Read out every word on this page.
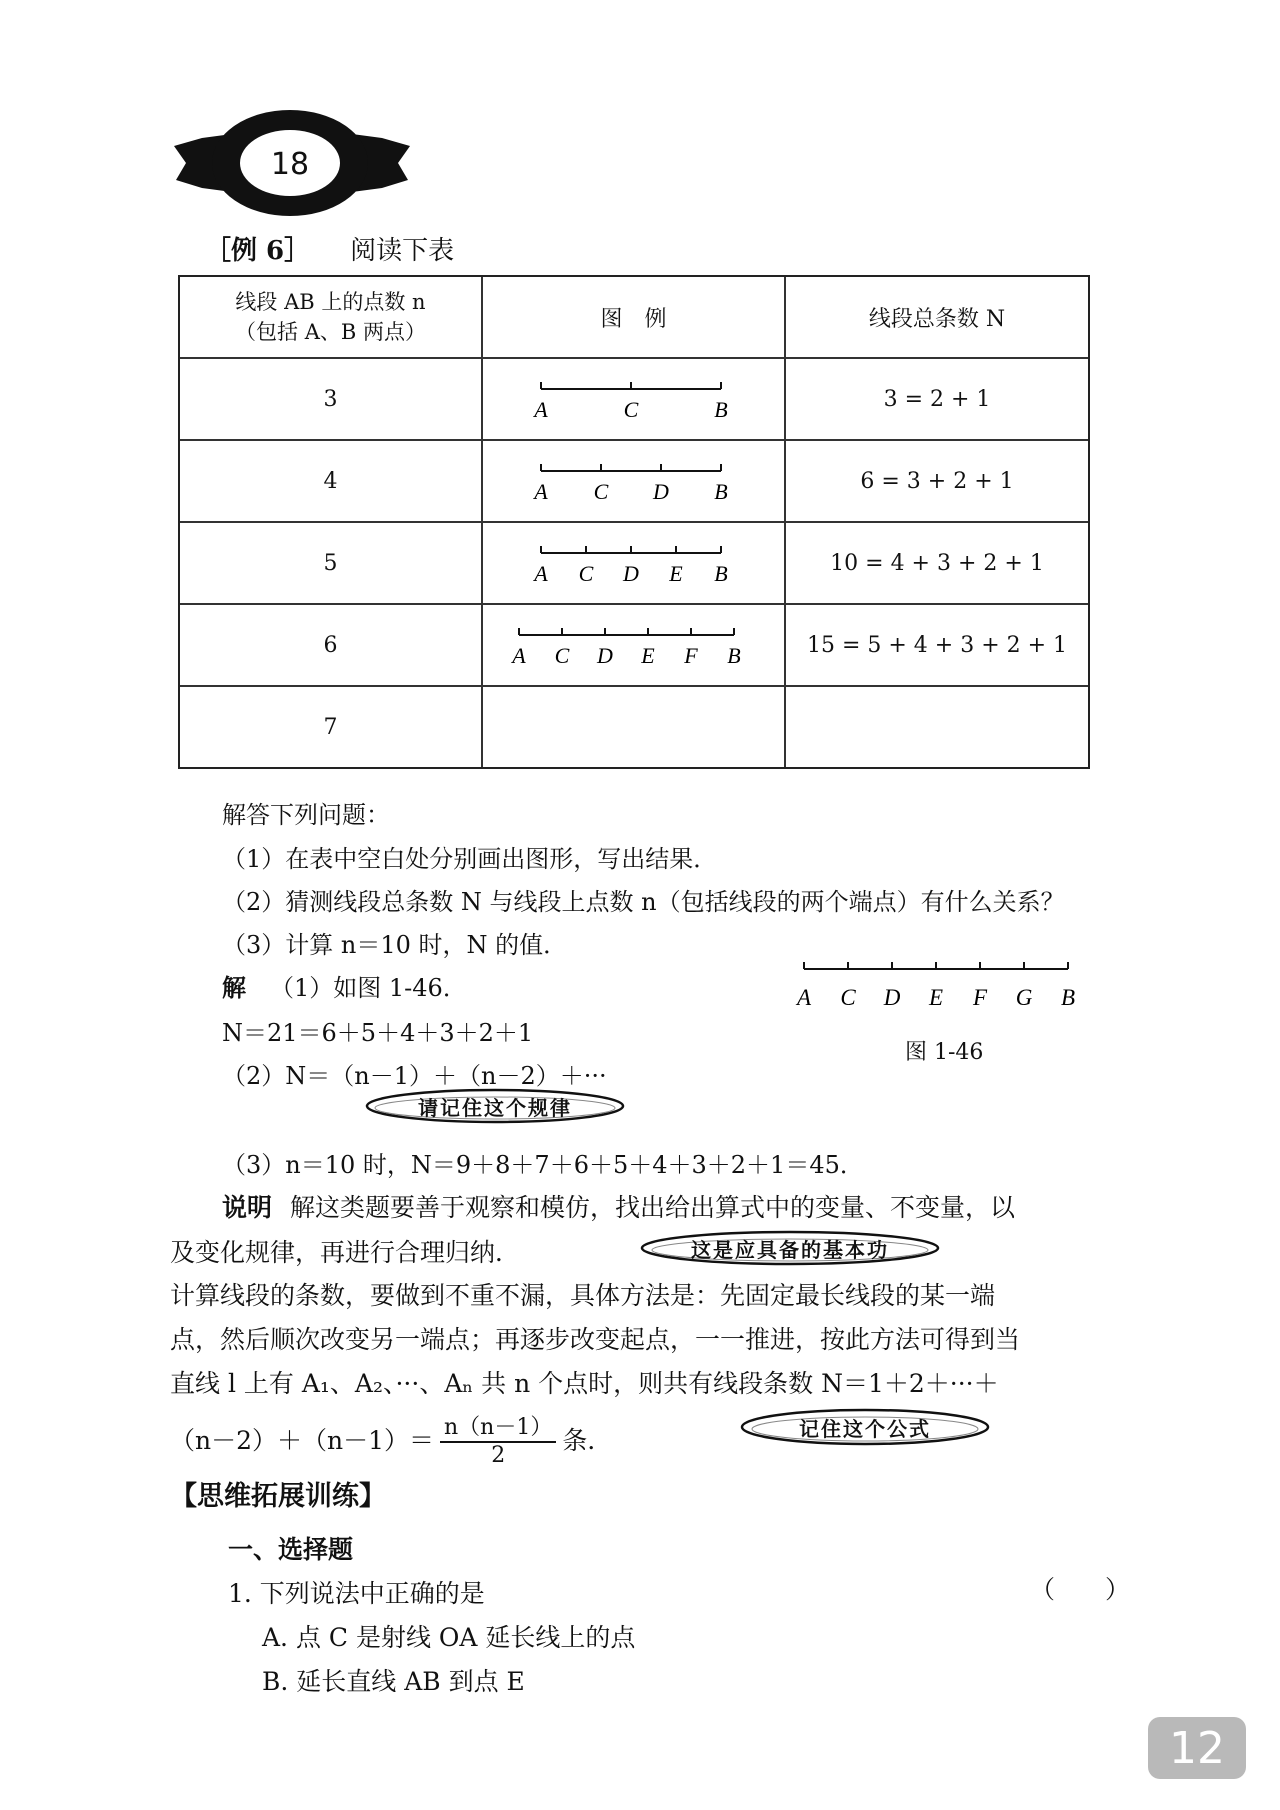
18
［例 6］ 阅读下表
线段 AB 上的点数 n
（包括 A、B 两点）
图　例	线段总条数 N
3	A	C	B	3 = 2 + 1
4	A C D B	6 = 3 + 2 + 1
5	A C D E B	10 = 4 + 3 + 2 + 1
6	A C D E F B	15 = 5 + 4 + 3 + 2 + 1
7
解答下列问题：
（1）在表中空白处分别画出图形，写出结果．
（2）猜测线段总条数 N 与线段上点数 n（包括线段的两个端点）有什么关系？
（3）计算 n＝10 时，N 的值．
解 （1）如图 1-46．
N＝21＝6＋5＋4＋3＋2＋1
（2）N＝（n－1）＋（n－2）＋···
请记住这个规律
（3）n＝10 时，N＝9＋8＋7＋6＋5＋4＋3＋2＋1＝45．
A C D E F G B
图 1-46
说明 解这类题要善于观察和模仿，找出给出算式中的变量、不变量，以
及变化规律，再进行合理归纳．	这是应具备的基本功
计算线段的条数，要做到不重不漏，具体方法是：先固定最长线段的某一端
点，然后顺次改变另一端点；再逐步改变起点，一一推进，按此方法可得到当
直线 l 上有 A₁、A₂、···、Aₙ 共 n 个点时，则共有线段条数 N＝1＋2＋···＋
$(n-2)+(n-1)= \frac{n(n-1)}{2}$ 条．	记住这个公式
【思维拓展训练】
一、选择题
1. 下列说法中正确的是	（　　）
A. 点 C 是射线 OA 延长线上的点
B. 延长直线 AB 到点 E
12
